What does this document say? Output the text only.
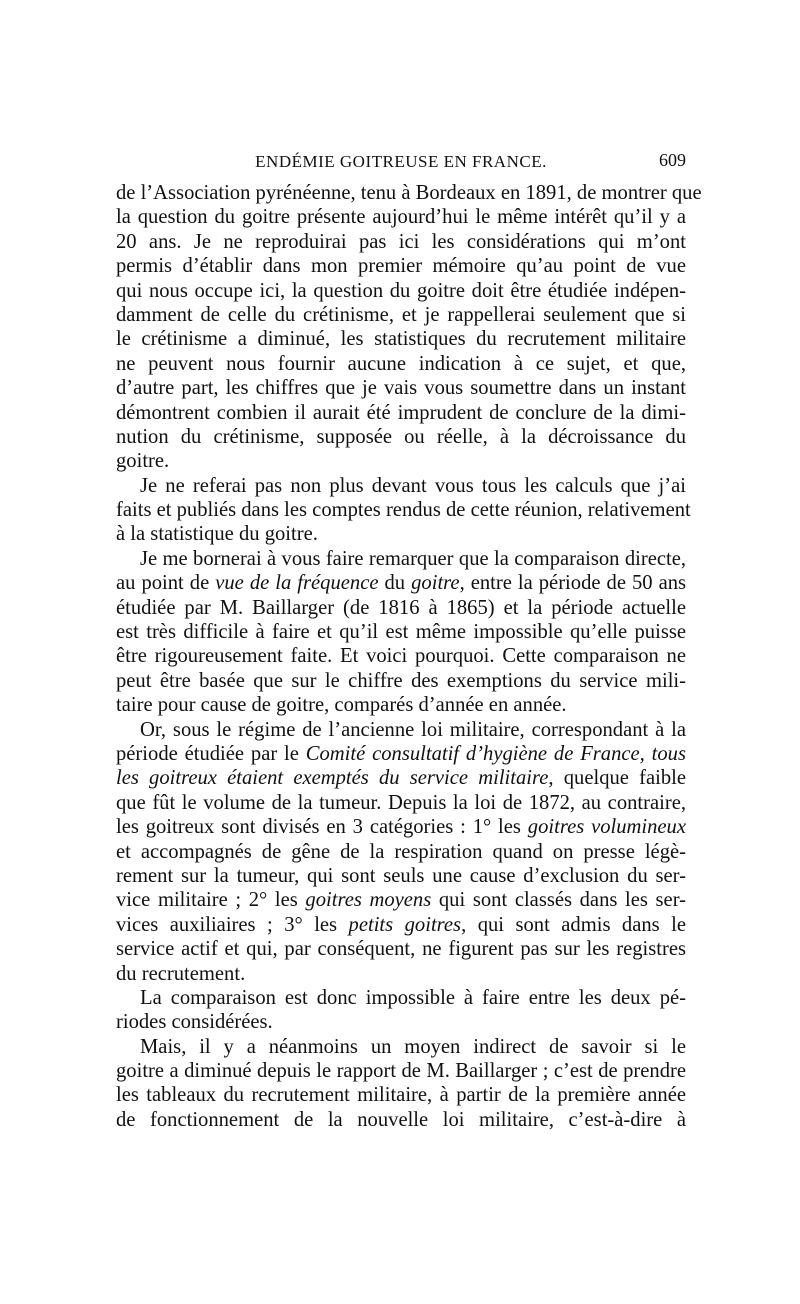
ENDÉMIE GOITREUSE EN FRANCE.	609
de l’Association pyrénéenne, tenu à Bordeaux en 1891, de montrer que
la question du goitre présente aujourd’hui le même intérêt qu’il y a
20 ans. Je ne reproduirai pas ici les considérations qui m’ont
permis d’établir dans mon premier mémoire qu’au point de vue
qui nous occupe ici, la question du goitre doit être étudiée indépen-
damment de celle du crétinisme, et je rappellerai seulement que si
le crétinisme a diminué, les statistiques du recrutement militaire
ne peuvent nous fournir aucune indication à ce sujet, et que,
d’autre part, les chiffres que je vais vous soumettre dans un instant
démontrent combien il aurait été imprudent de conclure de la dimi-
nution du crétinisme, supposée ou réelle, à la décroissance du
goitre.
Je ne referai pas non plus devant vous tous les calculs que j’ai
faits et publiés dans les comptes rendus de cette réunion, relativement
à la statistique du goitre.
Je me bornerai à vous faire remarquer que la comparaison directe,
au point de vue de la fréquence du goitre, entre la période de 50 ans
étudiée par M. Baillarger (de 1816 à 1865) et la période actuelle
est très difficile à faire et qu’il est même impossible qu’elle puisse
être rigoureusement faite. Et voici pourquoi. Cette comparaison ne
peut être basée que sur le chiffre des exemptions du service mili-
taire pour cause de goitre, comparés d’année en année.
Or, sous le régime de l’ancienne loi militaire, correspondant à la
période étudiée par le Comité consultatif d’hygiène de France, tous
les goitreux étaient exemptés du service militaire, quelque faible
que fût le volume de la tumeur. Depuis la loi de 1872, au contraire,
les goitreux sont divisés en 3 catégories : 1° les goitres volumineux
et accompagnés de gêne de la respiration quand on presse légè-
rement sur la tumeur, qui sont seuls une cause d’exclusion du ser-
vice militaire ; 2° les goitres moyens qui sont classés dans les ser-
vices auxiliaires ; 3° les petits goitres, qui sont admis dans le
service actif et qui, par conséquent, ne figurent pas sur les registres
du recrutement.
La comparaison est donc impossible à faire entre les deux pé-
riodes considérées.
Mais, il y a néanmoins un moyen indirect de savoir si le
goitre a diminué depuis le rapport de M. Baillarger ; c’est de prendre
les tableaux du recrutement militaire, à partir de la première année
de fonctionnement de la nouvelle loi militaire, c’est-à-dire à
